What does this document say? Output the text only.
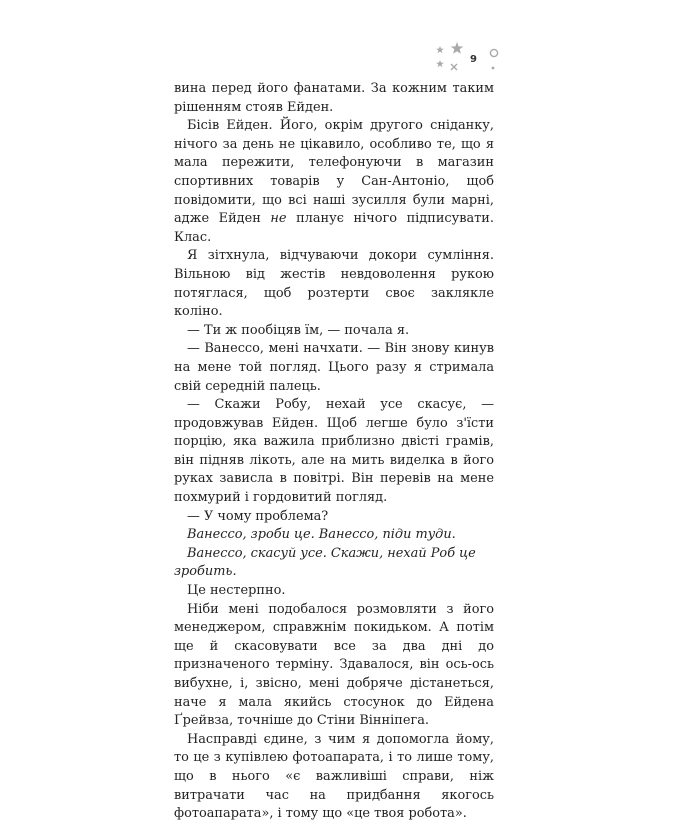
9

вина перед його фанатами. За кожним таким рішенням стояв Ейден.

Бісів Ейден. Його, окрім другого сніданку, нічого за день не цікавило, особливо те, що я мала пережити, телефонуючи в магазин спортивних товарів у Сан-Антоніо, щоб повідомити, що всі наші зусилля були марні, адже Ейден не планує нічого підписувати. Клас.

Я зітхнула, відчуваючи докори сумління. Вільною від жестів невдоволення рукою потяглася, щоб розтерти своє заклякле коліно.

— Ти ж пообіцяв їм, — почала я.

— Ванессо, мені начхати. — Він знову кинув на мене той погляд. Цього разу я стримала свій середній палець.

— Скажи Робу, нехай усе скасує, — продовжував Ейден. Щоб легше було з'їсти порцію, яка важила приблизно двісті грамів, він підняв лікоть, але на мить виделка в його руках зависла в повітрі. Він перевів на мене похмурий і гордовитий погляд.

— У чому проблема?

Ванессо, зроби це. Ванессо, піди туди.

Ванессо, скасуй усе. Скажи, нехай Роб це зробить.

Це нестерпно.

Ніби мені подобалося розмовляти з його менеджером, справжнім покидьком. А потім ще й скасовувати все за два дні до призначеного терміну. Здавалося, він ось-ось вибухне, і, звісно, мені добряче дістанеться, наче я мала якийсь стосунок до Ейдена Ґрейвза, точніше до Стіни Вінніпега.

Насправді єдине, з чим я допомогла йому, то це з купівлею фотоапарата, і то лише тому, що в нього «є важливіші справи, ніж витрачати час на придбання якогось фотоапарата», і тому що «це твоя робота».
